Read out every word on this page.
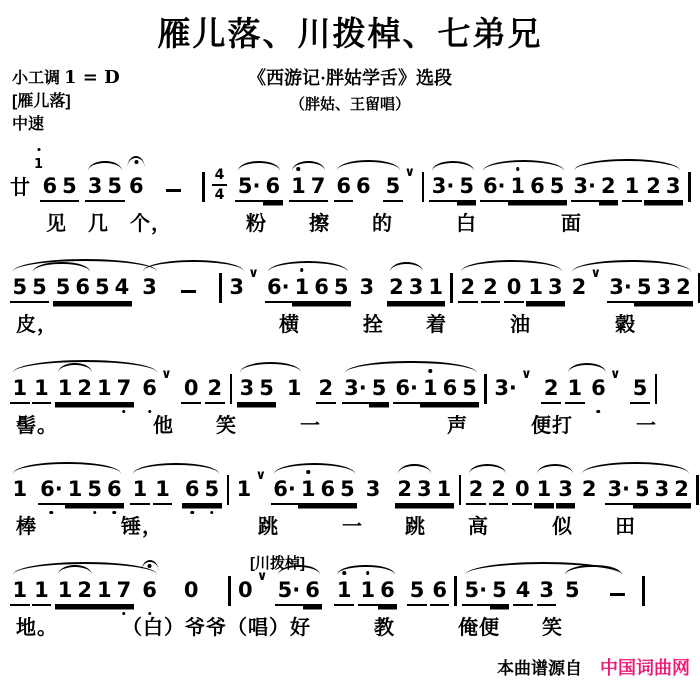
雁儿落、川拨棹、七弟兄
《西游记·胖姑学舌》选段
（胖姑、王留唱）
小工调 1 = D
[雁儿落]
中速
廿 6
1
5 3 5 6	$\frac{4}{4} 5\cdot 6$ 1 7 6 6 5∨3· 5 6· 1 6 5 3· 2 1 2 3
见　几　个，　　　　粉　　擦　　的　　　白　　　　面
5 5 5 6 5 4 3	3∨6· 1 6 5 3 2 3 1 2 2 0 1 3 2∨3· 5 3 2
皮，　　　　　　　　　　　横　　　拴　　着　　　油　　　　糓
1 1 1 2 1 7 6
∨0 2 3 5 1 2 3· 5 6· 1 6 5 3·∨2 1 6
∨5
髻。　　　　　他　　笑　　　一　　　　　　声　　　便打　　　一
1 6· 1 5 6 1 1 6 5 1∨6· 1 6 5 3 2 3 1 2 2 0 1 3 2 3· 5 3 2
棒　　　　锤，　　　　　跳　　　一　　跳　　高　　　似　　田
[川拨棹]
1 1 1 2 1 7 6 0 0∨5· 6 1 1 6 5 6 5· 5 4 3 5
地。　　　　（白）爷爷（唱）好　　　教　　　俺便　　笑
本曲谱源自 中国词曲网
